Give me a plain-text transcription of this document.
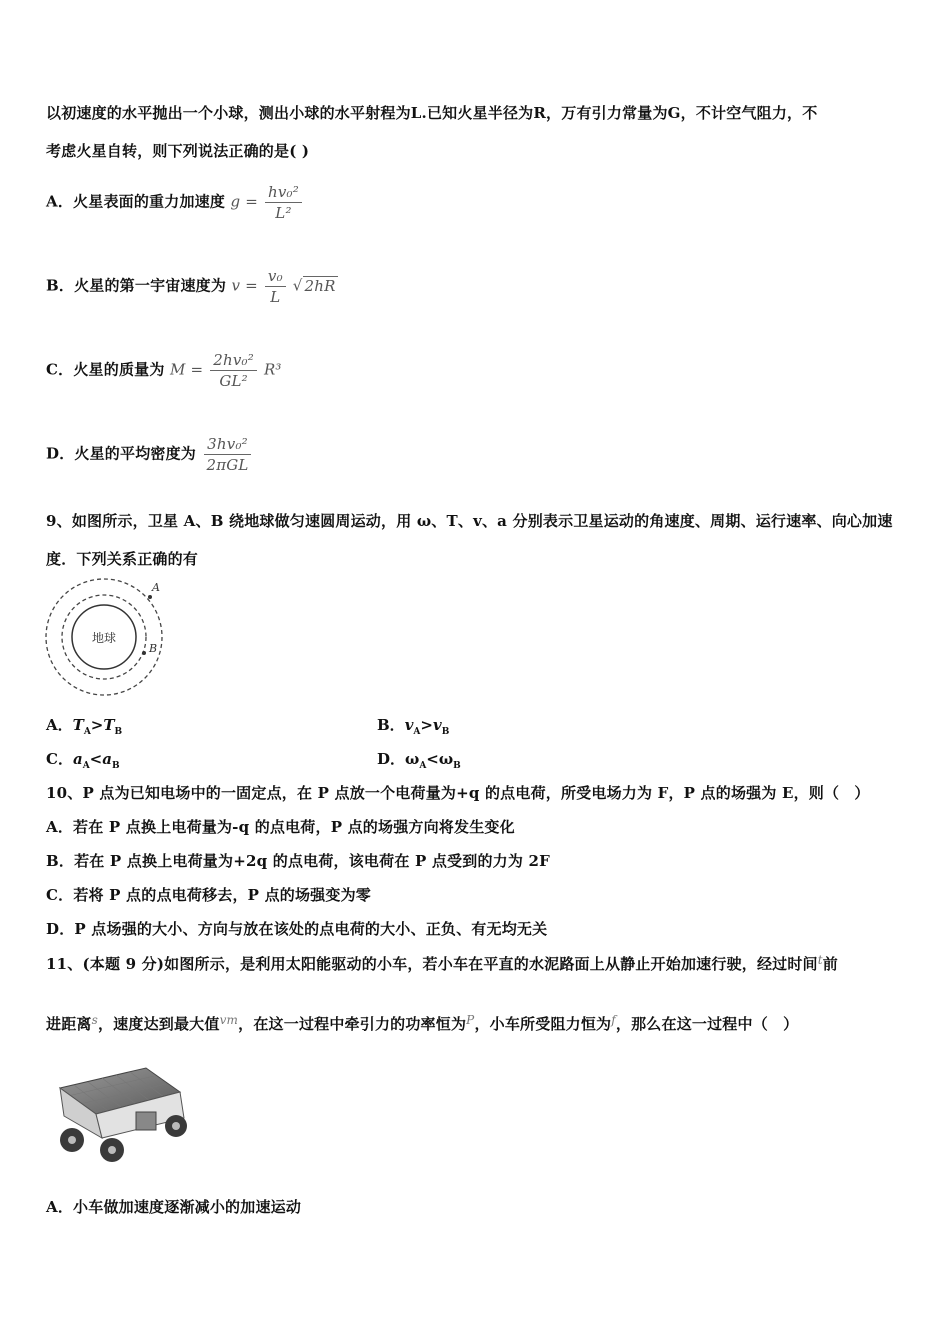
以初速度的水平抛出一个小球，测出小球的水平射程为L.已知火星半径为R，万有引力常量为G，不计空气阻力，不
考虑火星自转，则下列说法正确的是( )
A．火星表面的重力加速度 $g = \frac{\text{hv₀²}}{\text{L²}}$
B．火星的第一宇宙速度为 $v = \frac{\text{v₀}}{L}$ √ 2hR
C．火星的质量为 $M = \frac{\text{2hv₀²}}{\text{GL²}} R^3$
D．火星的平均密度为 $\frac{\text{3hv₀²}}{\text{2πGL}}$
9、如图所示，卫星 A、B 绕地球做匀速圆周运动，用 ω、T、v、a 分别表示卫星运动的角速度、周期、运行速率、向心加速
度．下列关系正确的有
地球
A
B
A．$T_A>T_B$	B．$v_A>v_B$
C．$a_A<a_B$	D．$\omega_A<\omega_B$
10、P 点为已知电场中的一固定点，在 P 点放一个电荷量为+q 的点电荷，所受电场力为 F，P 点的场强为 E，则（　）
A．若在 P 点换上电荷量为-q 的点电荷，P 点的场强方向将发生变化
B．若在 P 点换上电荷量为+2q 的点电荷，该电荷在 P 点受到的力为 2F
C．若将 P 点的点电荷移去，P 点的场强变为零
D．P 点场强的大小、方向与放在该处的点电荷的大小、正负、有无均无关
11、(本题 9 分)如图所示，是利用太阳能驱动的小车，若小车在平直的水泥路面上从静止开始加速行驶，经过时间$^t$前
进距离$^s$，速度达到最大值$^{vm}$，在这一过程中牵引力的功率恒为$^P$，小车所受阻力恒为$^f$，那么在这一过程中（　）
A．小车做加速度逐渐减小的加速运动
